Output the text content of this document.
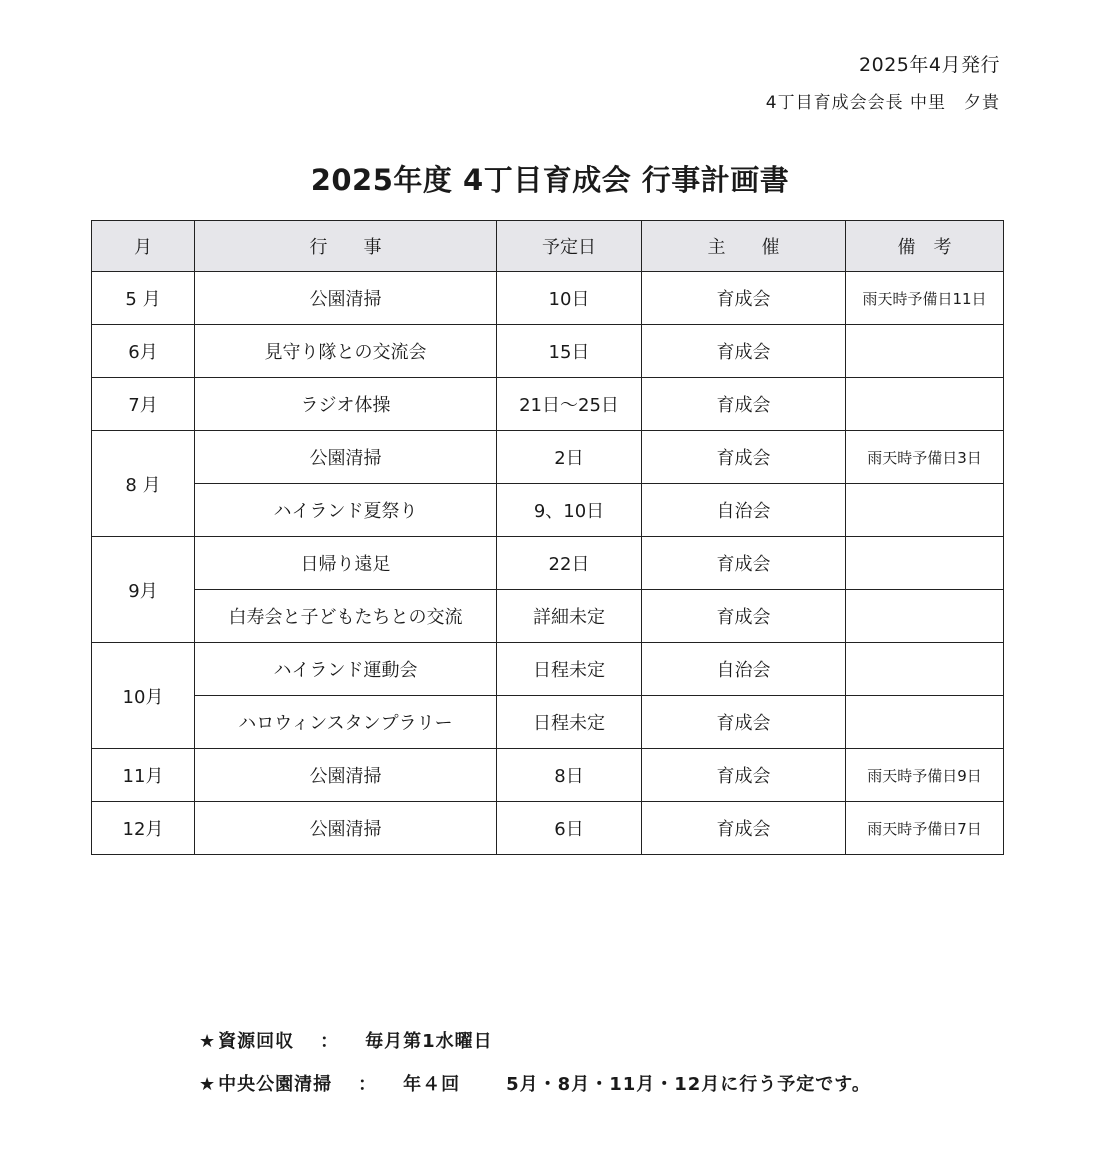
2025年4月発行
4丁目育成会会長 中里　夕貴
2025年度 4丁目育成会 行事計画書
月	行　　事	予定日	主　　催	備　考
5 月	公園清掃	10日	育成会	雨天時予備日11日
6月	見守り隊との交流会	15日	育成会	
7月	ラジオ体操	21日～25日	育成会	
8 月	公園清掃	2日	育成会	雨天時予備日3日
	ハイランド夏祭り	9、10日	自治会	
9月	日帰り遠足	22日	育成会	
	白寿会と子どもたちとの交流	詳細未定	育成会	
10月	ハイランド運動会	日程未定	自治会	
	ハロウィンスタンプラリー	日程未定	育成会	
11月	公園清掃	8日	育成会	雨天時予備日9日
12月	公園清掃	6日	育成会	雨天時予備日7日
★ 資源回収 ： 毎月第1水曜日
★ 中央公園清掃 ： 年４回	5月・8月・11月・12月に行う予定です。
